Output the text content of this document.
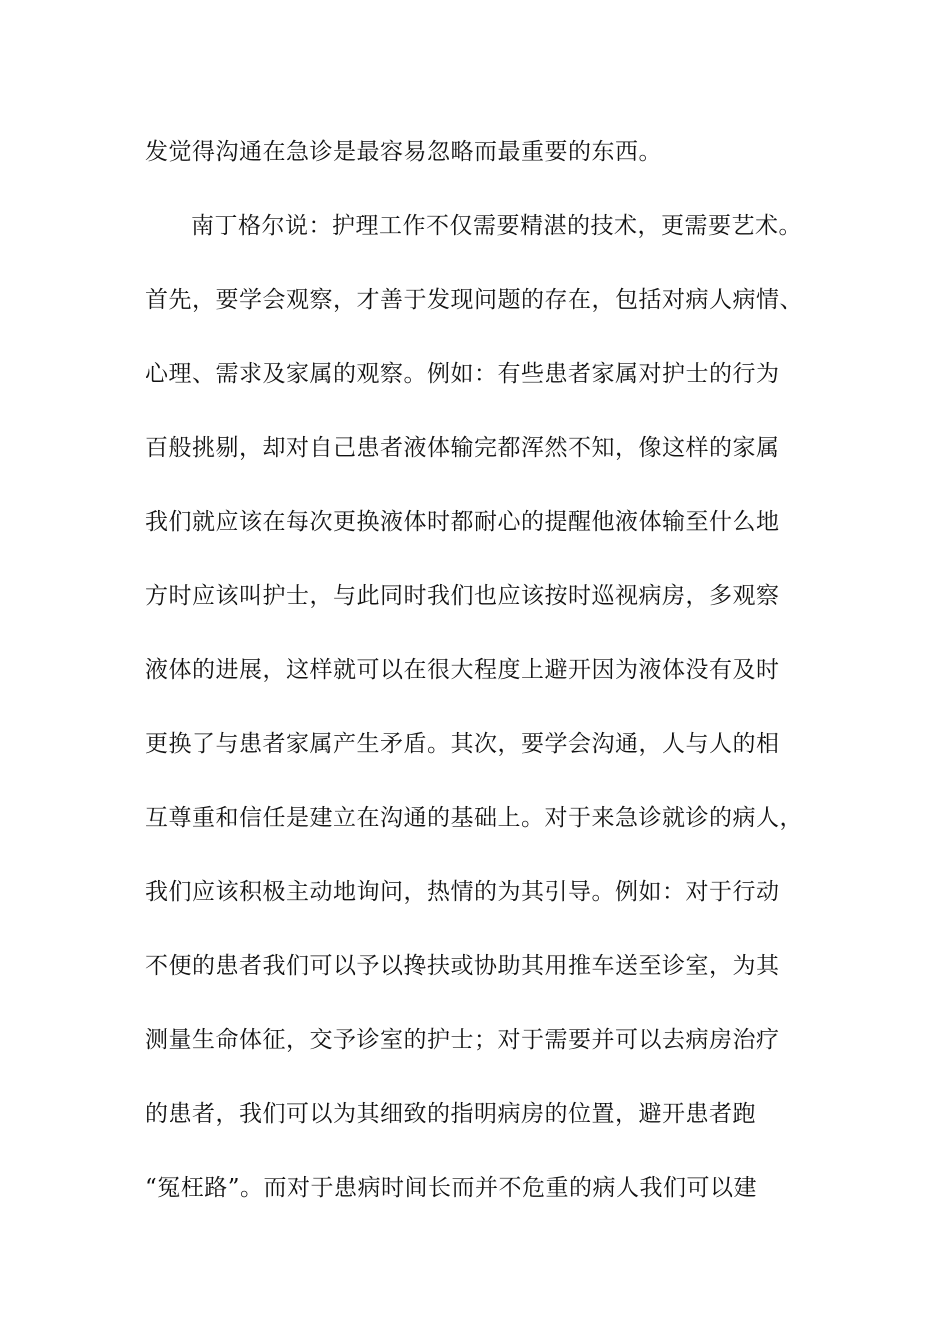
发觉得沟通在急诊是最容易忽略而最重要的东西。
南丁格尔说：护理工作不仅需要精湛的技术，更需要艺术。
首先，要学会观察，才善于发现问题的存在，包括对病人病情、
心理、需求及家属的观察。例如：有些患者家属对护士的行为
百般挑剔，却对自己患者液体输完都浑然不知，像这样的家属
我们就应该在每次更换液体时都耐心的提醒他液体输至什么地
方时应该叫护士，与此同时我们也应该按时巡视病房，多观察
液体的进展，这样就可以在很大程度上避开因为液体没有及时
更换了与患者家属产生矛盾。其次，要学会沟通，人与人的相
互尊重和信任是建立在沟通的基础上。对于来急诊就诊的病人，
我们应该积极主动地询问，热情的为其引导。例如：对于行动
不便的患者我们可以予以搀扶或协助其用推车送至诊室，为其
测量生命体征，交予诊室的护士；对于需要并可以去病房治疗
的患者，我们可以为其细致的指明病房的位置，避开患者跑
“冤枉路”。而对于患病时间长而并不危重的病人我们可以建
